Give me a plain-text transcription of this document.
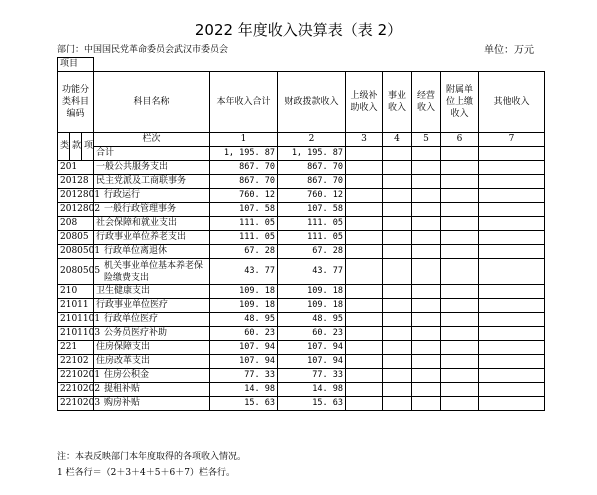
2022 年度收入决算表（表 2）
部门：中国国民党革命委员会武汉市委员会	单位：万元
项目										
功能分类科目编码			科目名称	本年收入合计	财政拨款收入	上级补助收入	事业收入	经营收入	附属单位上缴收入	其他收入
类	款	项	栏次	1	2	3	4	5	6	7
			合计	1, 195. 87	1, 195. 87					
201			一般公共服务支出	867. 70	867. 70					
20128			民主党派及工商联事务	867. 70	867. 70					
2012801			行政运行	760. 12	760. 12					
2012802			一般行政管理事务	107. 58	107. 58					
208			社会保障和就业支出	111. 05	111. 05					
20805			行政事业单位养老支出	111. 05	111. 05					
2080501			行政单位离退休	67. 28	67. 28					
2080505			机关事业单位基本养老保险缴费支出	43. 77	43. 77					
210			卫生健康支出	109. 18	109. 18					
21011			行政事业单位医疗	109. 18	109. 18					
2101101			行政单位医疗	48. 95	48. 95					
2101103			公务员医疗补助	60. 23	60. 23					
221			住房保障支出	107. 94	107. 94					
22102			住房改革支出	107. 94	107. 94					
2210201			住房公积金	77. 33	77. 33					
2210202			提租补贴	14. 98	14. 98					
2210203			购房补贴	15. 63	15. 63					
注：本表反映部门本年度取得的各项收入情况。
1 栏各行＝（2＋3＋4＋5＋6＋7）栏各行。
